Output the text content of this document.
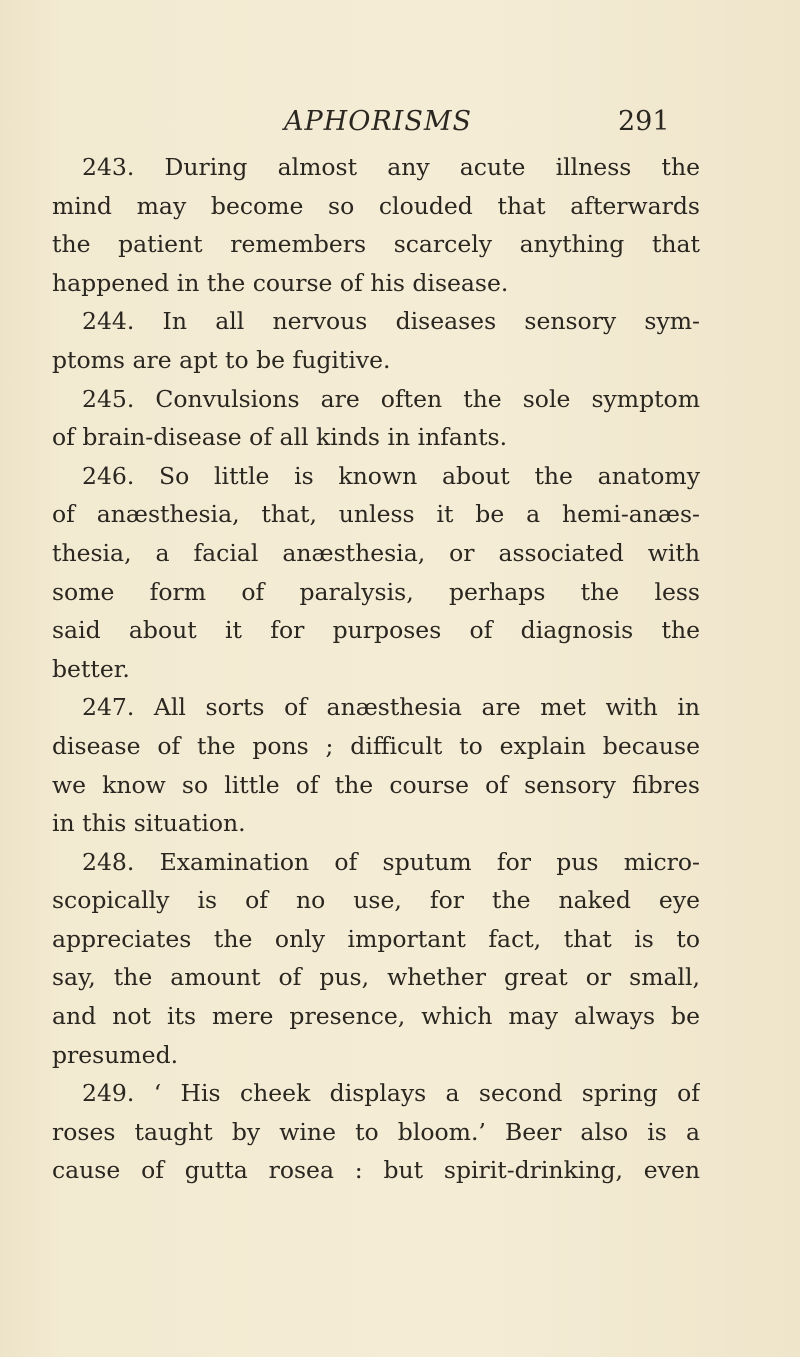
APHORISMS	291
243. During almost any acute illness the
mind may become so clouded that afterwards
the patient remembers scarcely anything that
happened in the course of his disease.
244. In all nervous diseases sensory sym-
ptoms are apt to be fugitive.
245. Convulsions are often the sole symptom
of brain-disease of all kinds in infants.
246. So little is known about the anatomy
of anæsthesia, that, unless it be a hemi-anæs-
thesia, a facial anæsthesia, or associated with
some form of paralysis, perhaps the less
said about it for purposes of diagnosis the
better.
247. All sorts of anæsthesia are met with in
disease of the pons ; difficult to explain because
we know so little of the course of sensory fibres
in this situation.
248. Examination of sputum for pus micro-
scopically is of no use, for the naked eye
appreciates the only important fact, that is to
say, the amount of pus, whether great or small,
and not its mere presence, which may always be
presumed.
249. ‘ His cheek displays a second spring of
roses taught by wine to bloom.’ Beer also is a
cause of gutta rosea : but spirit-drinking, even
